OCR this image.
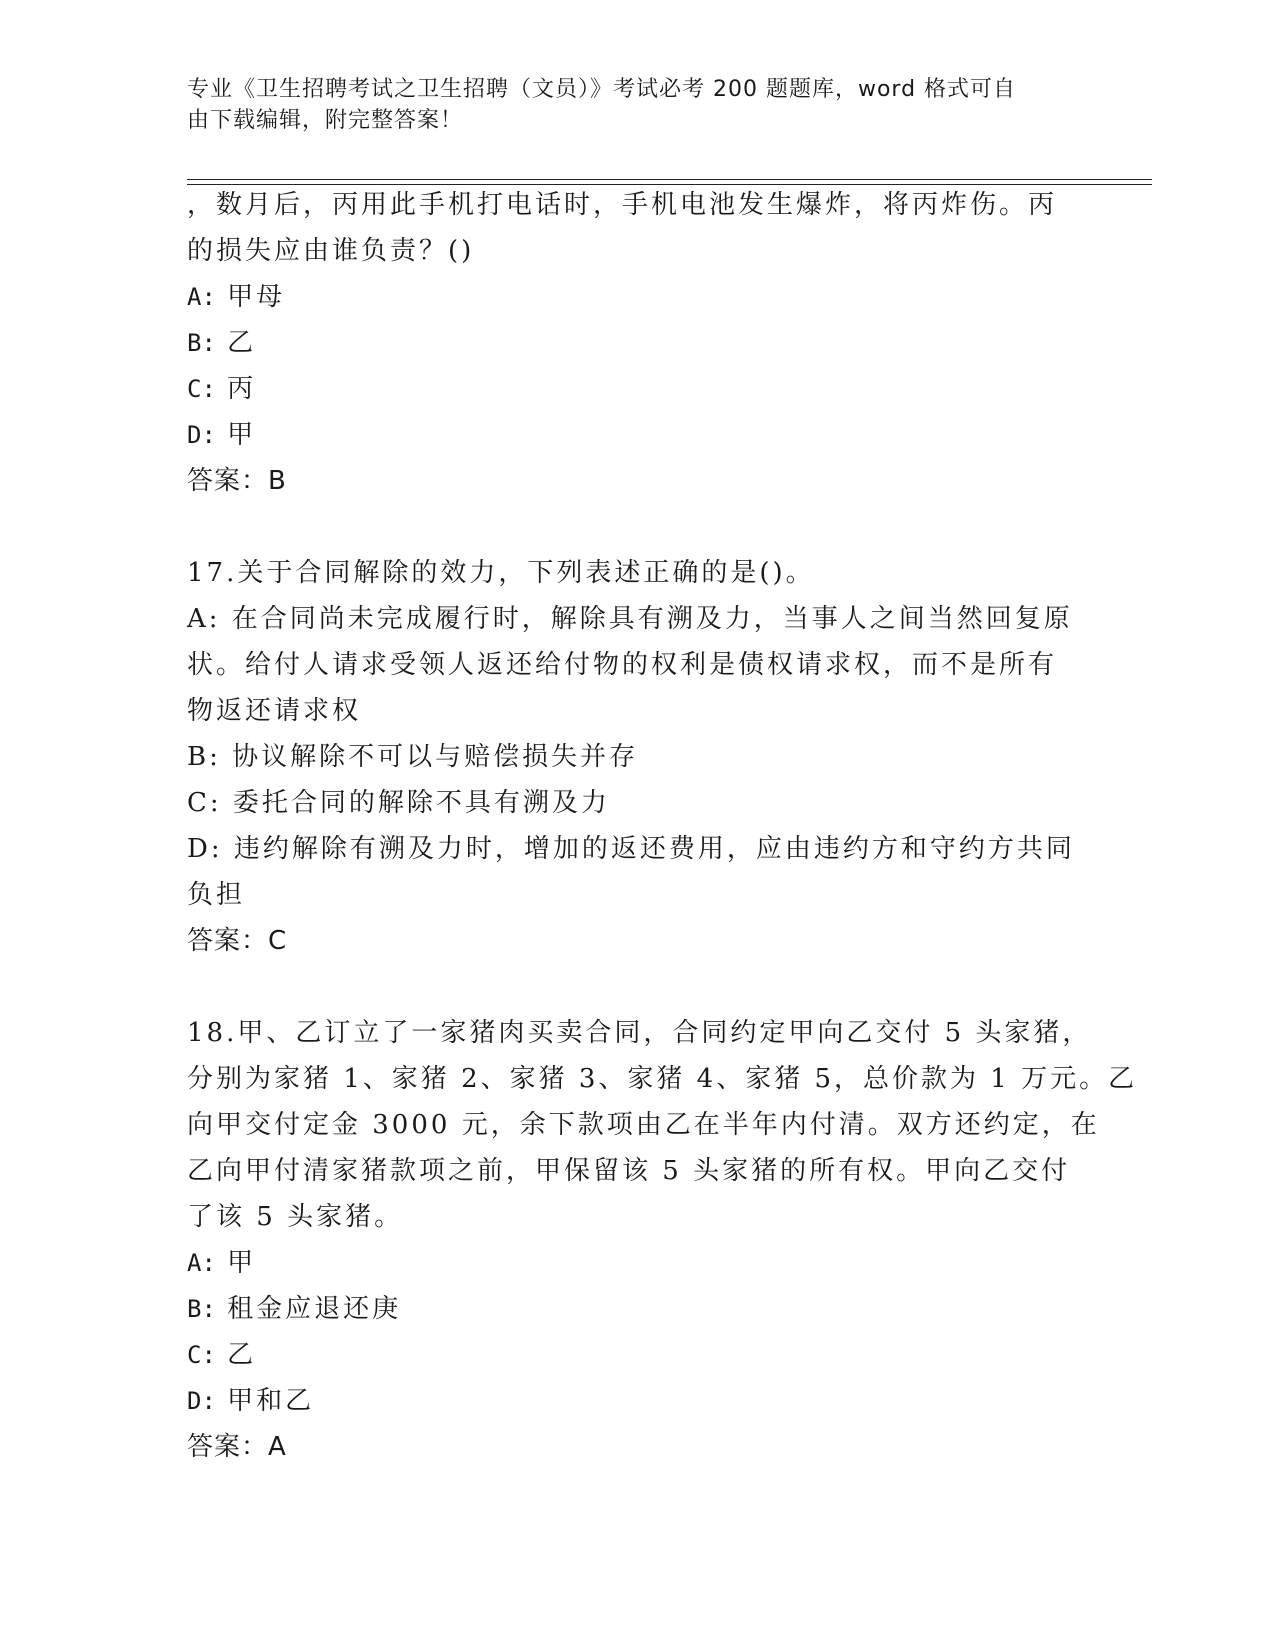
专业《卫生招聘考试之卫生招聘（文员）》考试必考 200 题题库，word 格式可自
由下载编辑，附完整答案！
，数月后，丙用此手机打电话时，手机电池发生爆炸，将丙炸伤。丙
的损失应由谁负责？()
A: 甲母
B: 乙
C: 丙
D: 甲
答案：B
17.关于合同解除的效力，下列表述正确的是()。
A: 在合同尚未完成履行时，解除具有溯及力，当事人之间当然回复原
状。给付人请求受领人返还给付物的权利是债权请求权，而不是所有
物返还请求权
B: 协议解除不可以与赔偿损失并存
C: 委托合同的解除不具有溯及力
D: 违约解除有溯及力时，增加的返还费用，应由违约方和守约方共同
负担
答案：C
18.甲、乙订立了一家猪肉买卖合同，合同约定甲向乙交付 5 头家猪，
分别为家猪 1、家猪 2、家猪 3、家猪 4、家猪 5，总价款为 1 万元。乙
向甲交付定金 3000 元，余下款项由乙在半年内付清。双方还约定，在
乙向甲付清家猪款项之前，甲保留该 5 头家猪的所有权。甲向乙交付
了该 5 头家猪。
A: 甲
B: 租金应退还庚
C: 乙
D: 甲和乙
答案：A
